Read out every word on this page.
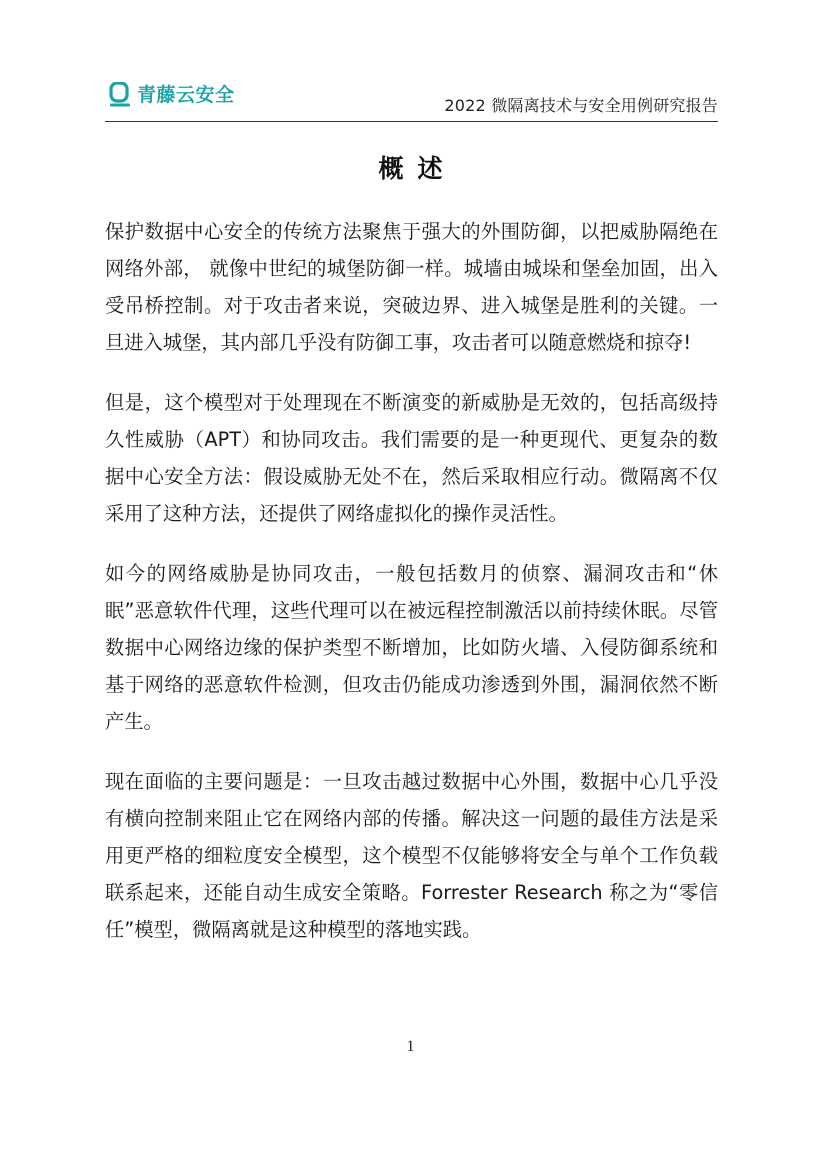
青藤云安全	2022 微隔离技术与安全用例研究报告
概述

保护数据中心安全的传统方法聚焦于强大的外围防御，以把威胁隔绝在网络外部， 就像中世纪的城堡防御一样。城墙由城垛和堡垒加固，出入受吊桥控制。对于攻击者来说，突破边界、进入城堡是胜利的关键。一旦进入城堡，其内部几乎没有防御工事，攻击者可以随意燃烧和掠夺!

但是，这个模型对于处理现在不断演变的新威胁是无效的，包括高级持久性威胁（APT）和协同攻击。我们需要的是一种更现代、更复杂的数据中心安全方法：假设威胁无处不在，然后采取相应行动。微隔离不仅采用了这种方法，还提供了网络虚拟化的操作灵活性。

如今的网络威胁是协同攻击，一般包括数月的侦察、漏洞攻击和“休眠”恶意软件代理，这些代理可以在被远程控制激活以前持续休眠。尽管数据中心网络边缘的保护类型不断增加，比如防火墙、入侵防御系统和基于网络的恶意软件检测，但攻击仍能成功渗透到外围，漏洞依然不断产生。

现在面临的主要问题是：一旦攻击越过数据中心外围，数据中心几乎没有横向控制来阻止它在网络内部的传播。解决这一问题的最佳方法是采用更严格的细粒度安全模型，这个模型不仅能够将安全与单个工作负载联系起来，还能自动生成安全策略。Forrester Research 称之为“零信任”模型，微隔离就是这种模型的落地实践。

1
